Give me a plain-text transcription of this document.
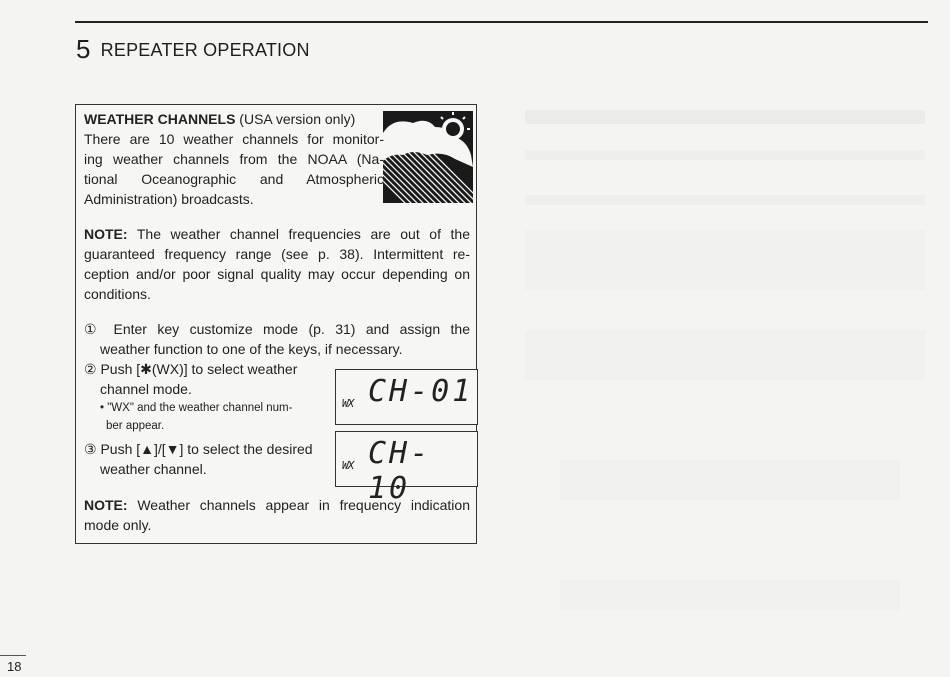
5 REPEATER OPERATION
WEATHER CHANNELS (USA version only)
There are 10 weather channels for monitor-
ing weather channels from the NOAA (Na-
tional Oceanographic and Atmospheric
Administration) broadcasts.
NOTE: The weather channel frequencies are out of the
guaranteed frequency range (see p. 38). Intermittent re-
ception and/or poor signal quality may occur depending on
conditions.
① Enter key customize mode (p. 31) and assign the
weather function to one of the keys, if necessary.
② Push [✱(WX)] to select weather
channel mode.
• "WX" and the weather channel num-
ber appear.
③ Push [▲]/[▼] to select the desired
weather channel.
WX CH-01
WX CH- 10
NOTE: Weather channels appear in frequency indication
mode only.
18
